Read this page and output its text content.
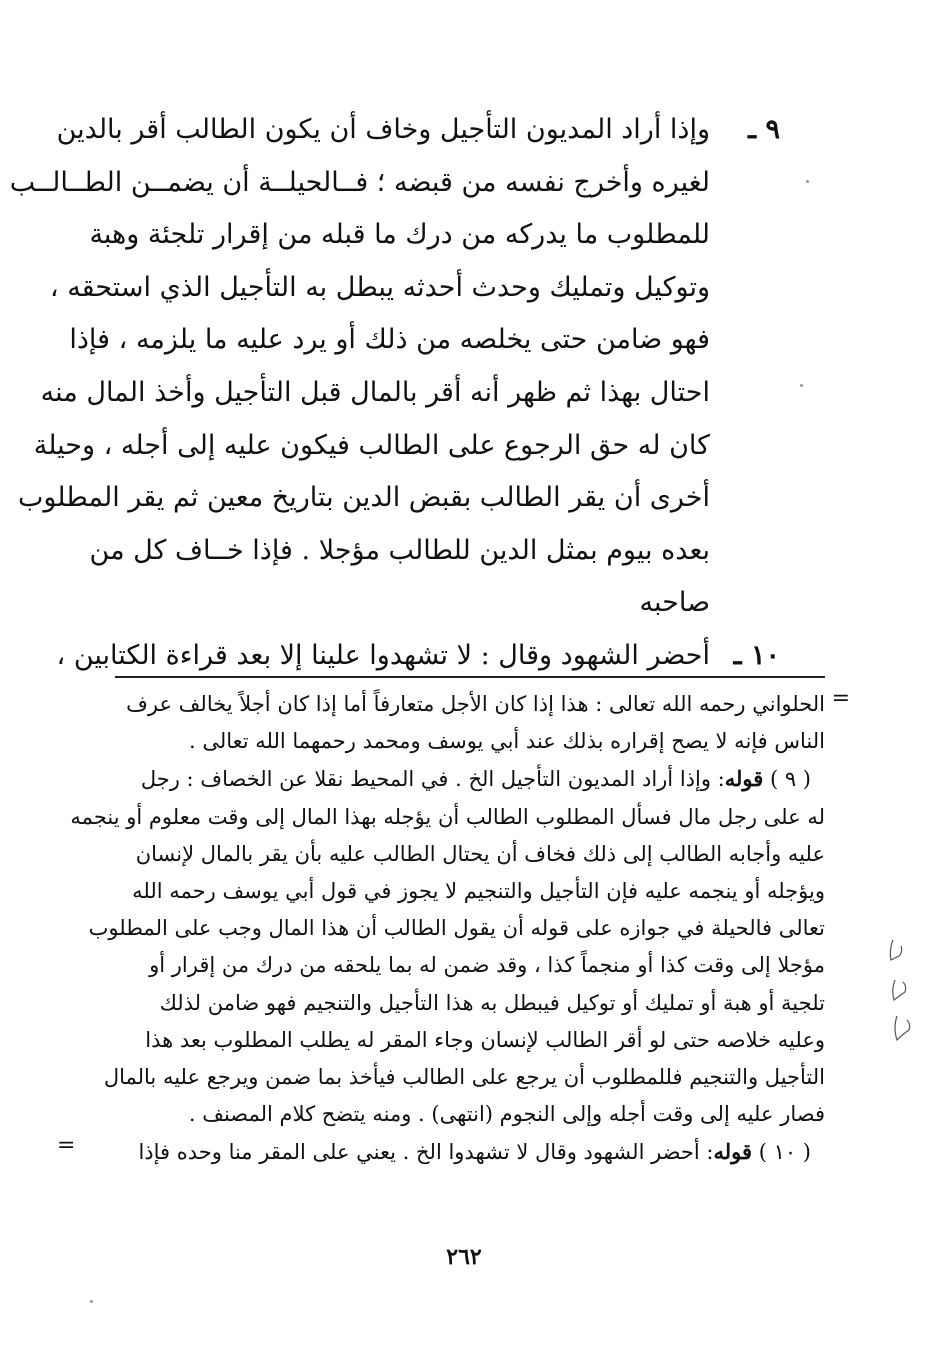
٩ ـ
وإذا أراد المديون التأجيل وخاف أن يكون الطالب أقر بالدين
لغيره وأخرج نفسه من قبضه ؛ فــالحيلــة أن يضمــن الطــالــب
للمطلوب ما يدركه من درك ما قبله من إقرار تلجئة وهبة
وتوكيل وتمليك وحدث أحدثه يبطل به التأجيل الذي استحقه ،
فهو ضامن حتى يخلصه من ذلك أو يرد عليه ما يلزمه ، فإذا
احتال بهذا ثم ظهر أنه أقر بالمال قبل التأجيل وأخذ المال منه
كان له حق الرجوع على الطالب فيكون عليه إلى أجله ، وحيلة
أخرى أن يقر الطالب بقبض الدين بتاريخ معين ثم يقر المطلوب
بعده بيوم بمثل الدين للطالب مؤجلا . فإذا خــاف كل من
صاحبه

١٠ ـ
أحضر الشهود وقال : لا تشهدوا علينا إلا بعد قراءة الكتابين ،

=
الحلواني رحمه الله تعالى : هذا إذا كان الأجل متعارفاً أما إذا كان أجلاً يخالف عرف
الناس فإنه لا يصح إقراره بذلك عند أبي يوسف ومحمد رحمهما الله تعالى .
( ٩ ) قوله: وإذا أراد المديون التأجيل الخ . في المحيط نقلا عن الخصاف : رجل
له على رجل مال فسأل المطلوب الطالب أن يؤجله بهذا المال إلى وقت معلوم أو ينجمه
عليه وأجابه الطالب إلى ذلك فخاف أن يحتال الطالب عليه بأن يقر بالمال لإنسان
ويؤجله أو ينجمه عليه فإن التأجيل والتنجيم لا يجوز في قول أبي يوسف رحمه الله
تعالى فالحيلة في جوازه على قوله أن يقول الطالب أن هذا المال وجب على المطلوب
مؤجلا إلى وقت كذا أو منجماً كذا ، وقد ضمن له بما يلحقه من درك من إقرار أو
تلجية أو هبة أو تمليك أو توكيل فيبطل به هذا التأجيل والتنجيم فهو ضامن لذلك
وعليه خلاصه حتى لو أقر الطالب لإنسان وجاء المقر له يطلب المطلوب بعد هذا
التأجيل والتنجيم فللمطلوب أن يرجع على الطالب فيأخذ بما ضمن ويرجع عليه بالمال
فصار عليه إلى وقت أجله وإلى النجوم (انتهى) . ومنه يتضح كلام المصنف .
( ١٠ ) قوله: أحضر الشهود وقال لا تشهدوا الخ . يعني على المقر منا وحده فإذا
=
٢٦٢
